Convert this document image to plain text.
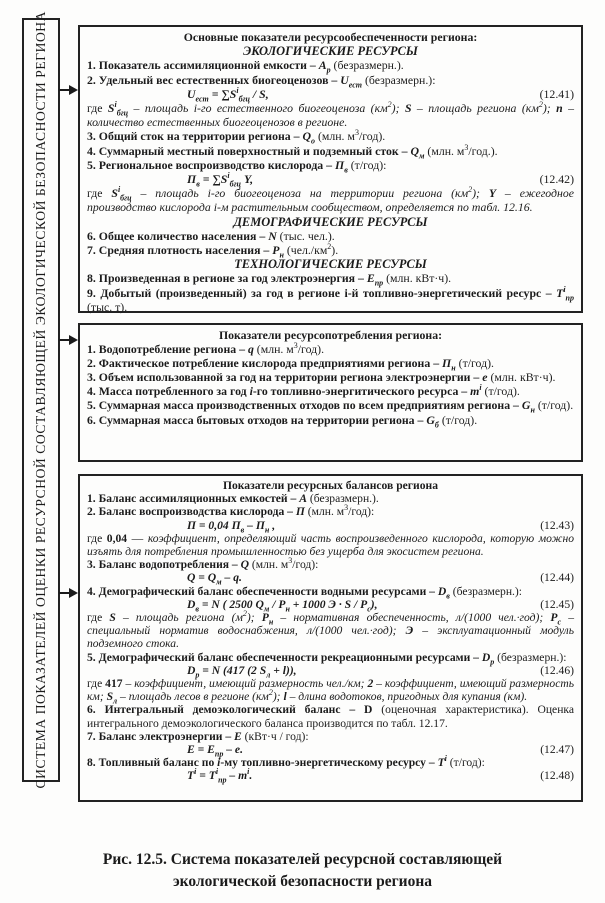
СИСТЕМА ПОКАЗАТЕЛЕЙ ОЦЕНКИ РЕСУРСНОЙ СОСТАВЛЯЮЩЕЙ ЭКОЛОГИЧЕСКОЙ БЕЗОПАСНОСТИ РЕГИОНА	Основные показатели ресурсообеспеченности региона:
ЭКОЛОГИЧЕСКИЕ РЕСУРСЫ
1. Показатель ассимиляционной емкости – $A_p$ (безразмерн.).
2. Удельный вес естественных биогеоценозов – $U_{ест}$ (безразмерн.):
$U_{ест} = \sum S^i_{бгц} / S$,	(12.41)
где $S^i_{бгц}$ – площадь i-го естественного биогеоценоза $(км^2)$; S – площадь региона $(км^2)$; n – количество естественных биогеоценозов в регионе.
3. Общий сток на территории региона – $Q_о$ (млн. $м^3/год$).
4. Суммарный местный поверхностный и подземный сток – $Q_м$ (млн. $м^3/год$.).
5. Региональное воспроизводство кислорода – $П_в$ (т/год):
$П_в = \sum S^i_{бгц}$ Y,	(12.42)
где $S^i_{бгц}$ – площадь i-го биогеоценоза на территории региона $(км^2)$; Y – ежегодное производство кислорода i-м растительным сообществом, определяется по табл. 12.16.
ДЕМОГРАФИЧЕСКИЕ РЕСУРСЫ
6. Общее количество населения – N (тыс. чел.).
7. Средняя плотность населения – $P_н$ $(чел./км^2)$.
ТЕХНОЛОГИЧЕСКИЕ РЕСУРСЫ
8. Произведенная в регионе за год электроэнергия – $E_{пр}$ (млн. кВт·ч).
9. Добытый (произведенный) за год в регионе i-й топливно-энергетический ресурс – $T^i_{пр}$ (тыс. т).
Показатели ресурсопотребления региона:
1. Водопотребление региона – q (млн. $м^3/год$).
2. Фактическое потребление кислорода предприятиями региона – $П_н$ (т/год).
3. Объем использованной за год на территории региона электроэнергии – e (млн. кВт·ч).
4. Масса потребленного за год i-го топливно-энергитического ресурса – $m^i$ (т/год).
5. Суммарная масса производственных отходов по всем предприятиям региона – $G_н$ (т/год).
6. Суммарная масса бытовых отходов на территории региона – $G_б$ (т/год).
Показатели ресурсных балансов региона
1. Баланс ассимиляционных емкостей – A (безразмерн.).
2. Баланс воспроизводства кислорода – П (млн. $м^3/год$):
П = 0,04 $П_в - П_н$ ,	(12.43)
где 0,04 — коэффициент, определяющий часть воспроизведенного кислорода, которую можно изъять для потребления промышленностью без ущерба для экосистем региона.
3. Баланс водопотребления – Q (млн. $м^3/год$):
$Q = Q_м - q$.	(12.44)
4. Демографический баланс обеспеченности водными ресурсами – $D_в$ (безразмерн.):
$D_в = N$ ( 2500 $Q_м / P_н + 1000$ $Э \cdot S / P_с$),	(12.45)
где S – площадь региона $(м^2)$; $P_н$ – нормативная обеспеченность, л/(1000 чел.·год); $P_с$ – специальный норматив водоснабжения, л/(1000 чел.·год); Э – эксплуатационный модуль подземного стока.
5. Демографический баланс обеспеченности рекреационными ресурсами – $D_р$ (безразмерн.):
$D_р = N$ (417 (2 $S_л + l$)),	(12.46)
где 417 – коэффициент, имеющий размерность чел./км; 2 – коэффициент, имеющий размерность км; $S_л$ – площадь лесов в регионе $(км^2)$; l – длина водотоков, пригодных для купания (км).
6. Интегральный демоэкологический баланс – D (оценочная характеристика). Оценка интегрального демоэкологического баланса производится по табл. 12.17.
7. Баланс электроэнергии – E (кВт·ч / год):
$E = E_{пр} - e$.	(12.47)
8. Топливный баланс по i-му топливно-энергетическому ресурсу – $T^i$ (т/год):
$T^i = T^i_{пр} - m^i$.	(12.48)
Рис. 12.5. Система показателей ресурсной составляющей
экологической безопасности региона
